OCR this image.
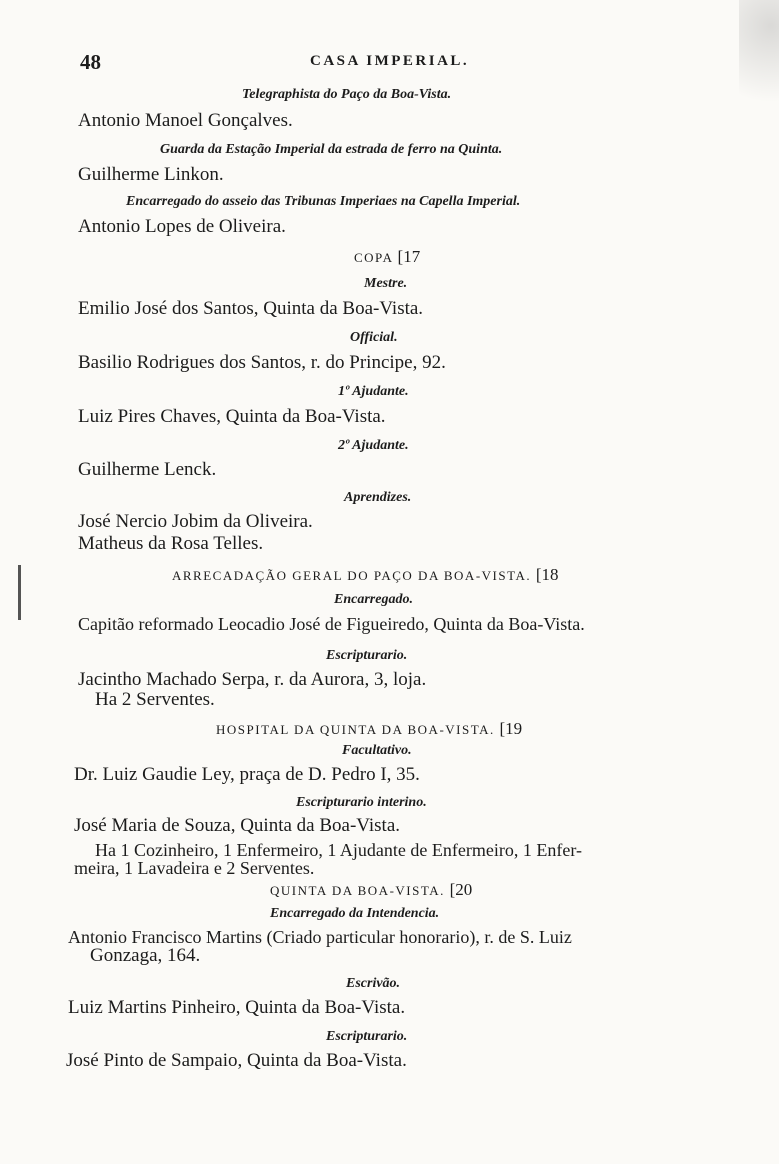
48	CASA IMPERIAL.
Telegraphista do Paço da Boa-Vista.
Antonio Manoel Gonçalves.
Guarda da Estação Imperial da estrada de ferro na Quinta.
Guilherme Linkon.
Encarregado do asseio das Tribunas Imperiaes na Capella Imperial.
Antonio Lopes de Oliveira.
COPA [17
Mestre.
Emilio José dos Santos, Quinta da Boa-Vista.
Official.
Basilio Rodrigues dos Santos, r. do Principe, 92.
1º Ajudante.
Luiz Pires Chaves, Quinta da Boa-Vista.
2º Ajudante.
Guilherme Lenck.
Aprendizes.
José Nercio Jobim da Oliveira.
Matheus da Rosa Telles.
ARRECADAÇÃO GERAL DO PAÇO DA BOA-VISTA. [18
Encarregado.
Capitão reformado Leocadio José de Figueiredo, Quinta da Boa-Vista.
Escripturario.
Jacintho Machado Serpa, r. da Aurora, 3, loja.
Ha 2 Serventes.
HOSPITAL DA QUINTA DA BOA-VISTA. [19
Facultativo.
Dr. Luiz Gaudie Ley, praça de D. Pedro I, 35.
Escripturario interino.
José Maria de Souza, Quinta da Boa-Vista.
Ha 1 Cozinheiro, 1 Enfermeiro, 1 Ajudante de Enfermeiro, 1 Enfer-
meira, 1 Lavadeira e 2 Serventes.
QUINTA DA BOA-VISTA. [20
Encarregado da Intendencia.
Antonio Francisco Martins (Criado particular honorario), r. de S. Luiz
Gonzaga, 164.
Escrivão.
Luiz Martins Pinheiro, Quinta da Boa-Vista.
Escripturario.
José Pinto de Sampaio, Quinta da Boa-Vista.
